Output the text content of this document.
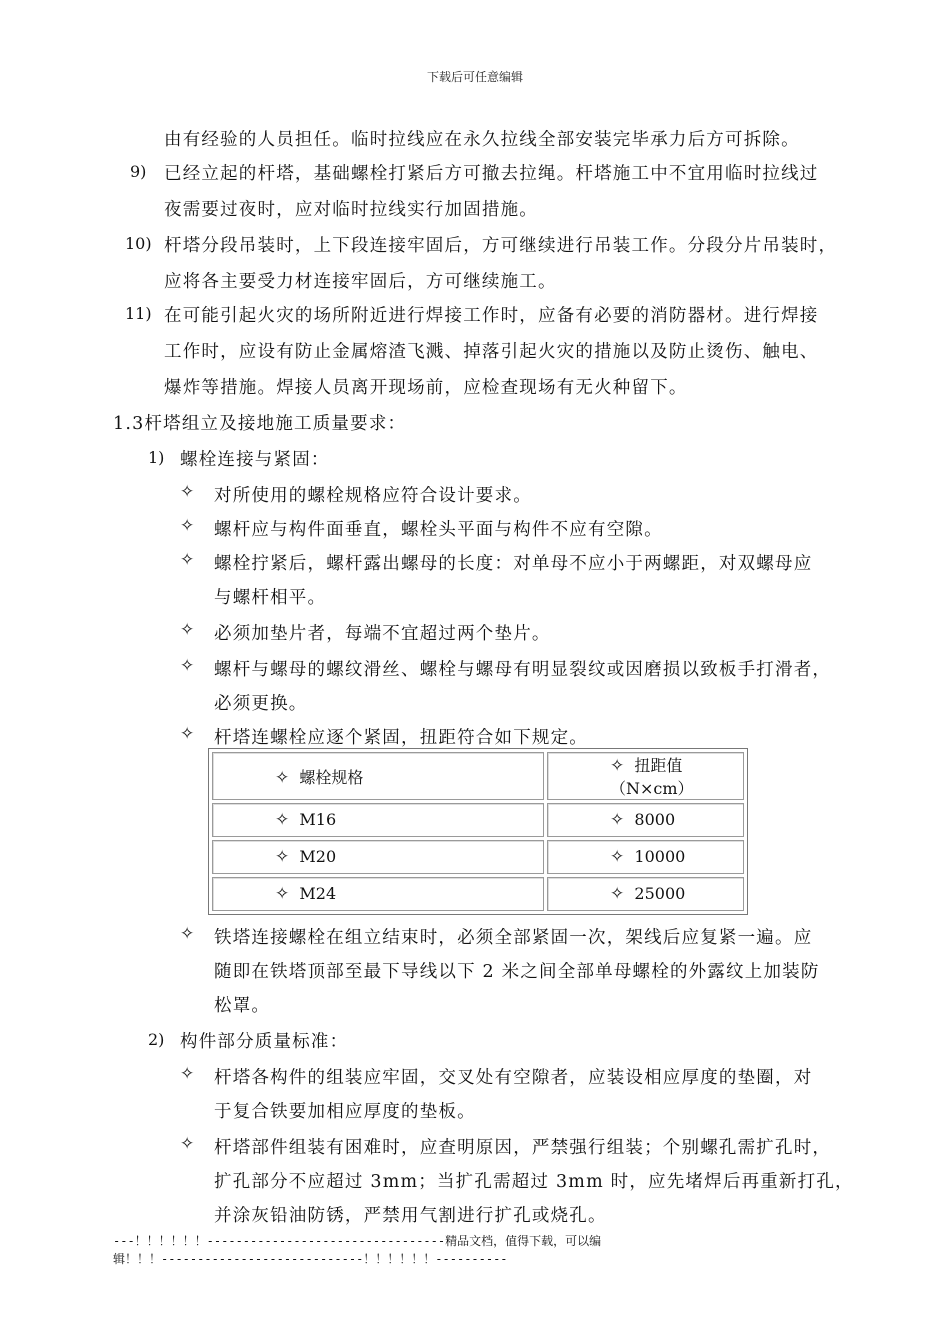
下载后可任意编辑
由有经验的人员担任。临时拉线应在永久拉线全部安装完毕承力后方可拆除。
9) 已经立起的杆塔，基础螺栓打紧后方可撤去拉绳。杆塔施工中不宜用临时拉线过
夜需要过夜时，应对临时拉线实行加固措施。
10) 杆塔分段吊装时，上下段连接牢固后，方可继续进行吊装工作。分段分片吊装时，
应将各主要受力材连接牢固后，方可继续施工。
11) 在可能引起火灾的场所附近进行焊接工作时，应备有必要的消防器材。进行焊接
工作时，应设有防止金属熔渣飞溅、掉落引起火灾的措施以及防止烫伤、触电、
爆炸等措施。焊接人员离开现场前，应检查现场有无火种留下。
1.3杆塔组立及接地施工质量要求：
1) 螺栓连接与紧固：
✧ 对所使用的螺栓规格应符合设计要求。
✧ 螺杆应与构件面垂直，螺栓头平面与构件不应有空隙。
✧ 螺栓拧紧后，螺杆露出螺母的长度：对单母不应小于两螺距，对双螺母应
与螺杆相平。
✧ 必须加垫片者，每端不宜超过两个垫片。
✧ 螺杆与螺母的螺纹滑丝、螺栓与螺母有明显裂纹或因磨损以致板手打滑者，
必须更换。
✧ 杆塔连螺栓应逐个紧固，扭距符合如下规定。
✧ 螺栓规格	✧ 扭距值（N×cm）
✧ M16	✧ 8000
✧ M20	✧ 10000
✧ M24	✧ 25000
✧ 铁塔连接螺栓在组立结束时，必须全部紧固一次，架线后应复紧一遍。应
随即在铁塔顶部至最下导线以下 2 米之间全部单母螺栓的外露纹上加装防
松罩。
2) 构件部分质量标准：
✧ 杆塔各构件的组装应牢固，交叉处有空隙者，应装设相应厚度的垫圈，对
于复合铁要加相应厚度的垫板。
✧ 杆塔部件组装有困难时，应查明原因，严禁强行组装；个别螺孔需扩孔时，
扩孔部分不应超过 3mm；当扩孔需超过 3mm 时，应先堵焊后再重新打孔，
并涂灰铅油防锈，严禁用气割进行扩孔或烧孔。
---！！！！！！---------------------------------精品文档，值得下载，可以编
辑！！！----------------------------！！！！！！----------
